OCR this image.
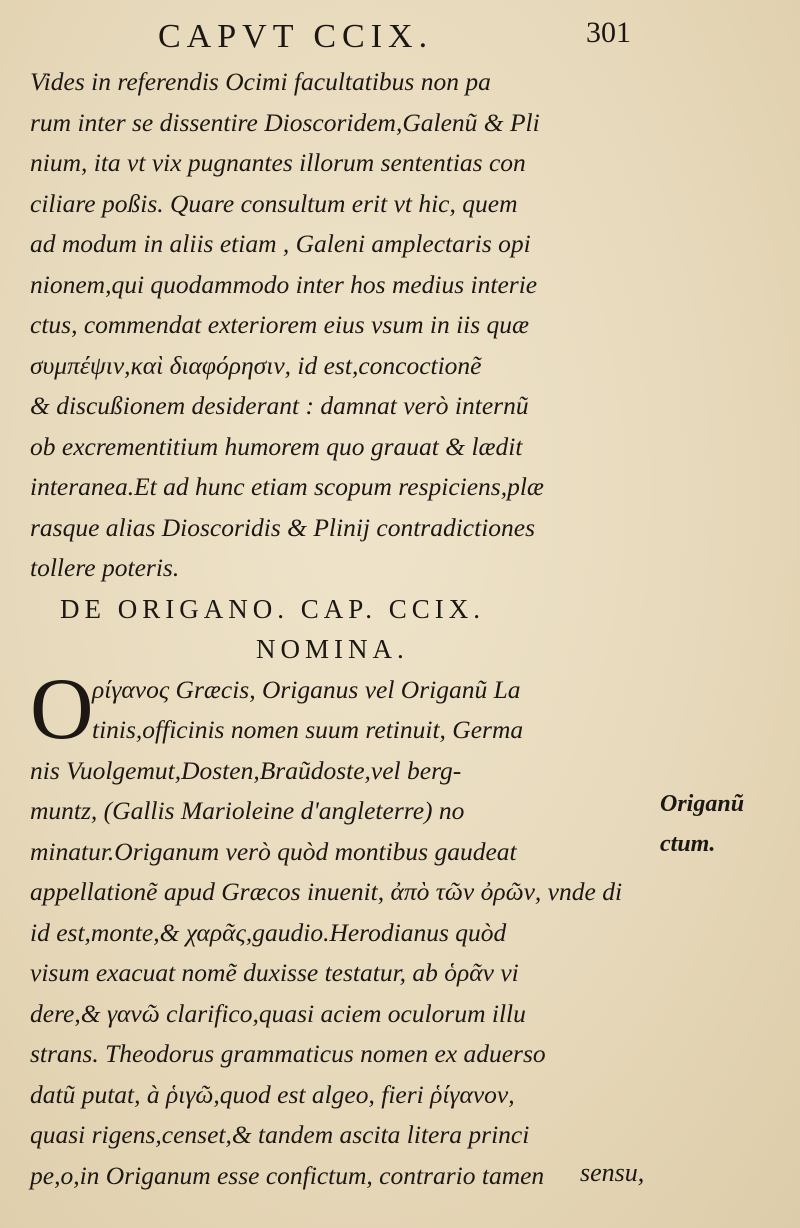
CAPVT CCIX.	301
Vides in referendis Ocimi facultatibus non pa
rum inter se dissentire Dioscoridem,Galenũ & Pli
nium, ita vt vix pugnantes illorum sententias con
ciliare poßis. Quare consultum erit vt hic, quem
ad modum in aliis etiam , Galeni amplectaris opi
nionem,qui quodammodo inter hos medius interie
ctus, commendat exteriorem eius vsum in iis quæ
συμπέψιν,καὶ διαφόρησιν, id est,concoctionẽ
& discußionem desiderant : damnat verò internũ
ob excrementitium humorem quo grauat & lædit
interanea.Et ad hunc etiam scopum respiciens,plæ
rasque alias Dioscoridis & Plinij contradictiones
tollere poteris.
DE ORIGANO. CAP. CCIX.
NOMINA.
O
ρίγανος Græcis, Origanus vel Origanũ La
tinis,officinis nomen suum retinuit, Germa
nis Vuolgemut,Dosten,Braũdoste,vel berg-
muntz, (Gallis Marioleine d'angleterre) no
minatur.Origanum verò quòd montibus gaudeat
appellationẽ apud Græcos inuenit, ἀπὸ τῶν ὀρῶν, vnde di
id est,monte,& χαρᾶς,gaudio.Herodianus quòd
visum exacuat nomẽ duxisse testatur, ab ὁρᾶν vi
dere,& γανῶ clarifico,quasi aciem oculorum illu
strans. Theodorus grammaticus nomen ex aduerso
datũ putat, à ῥιγῶ,quod est algeo, fieri ῥίγανον,
quasi rigens,censet,& tandem ascita litera princi
pe,o,in Origanum esse confictum, contrario tamen
Origanũ
ctum.
sensu,
